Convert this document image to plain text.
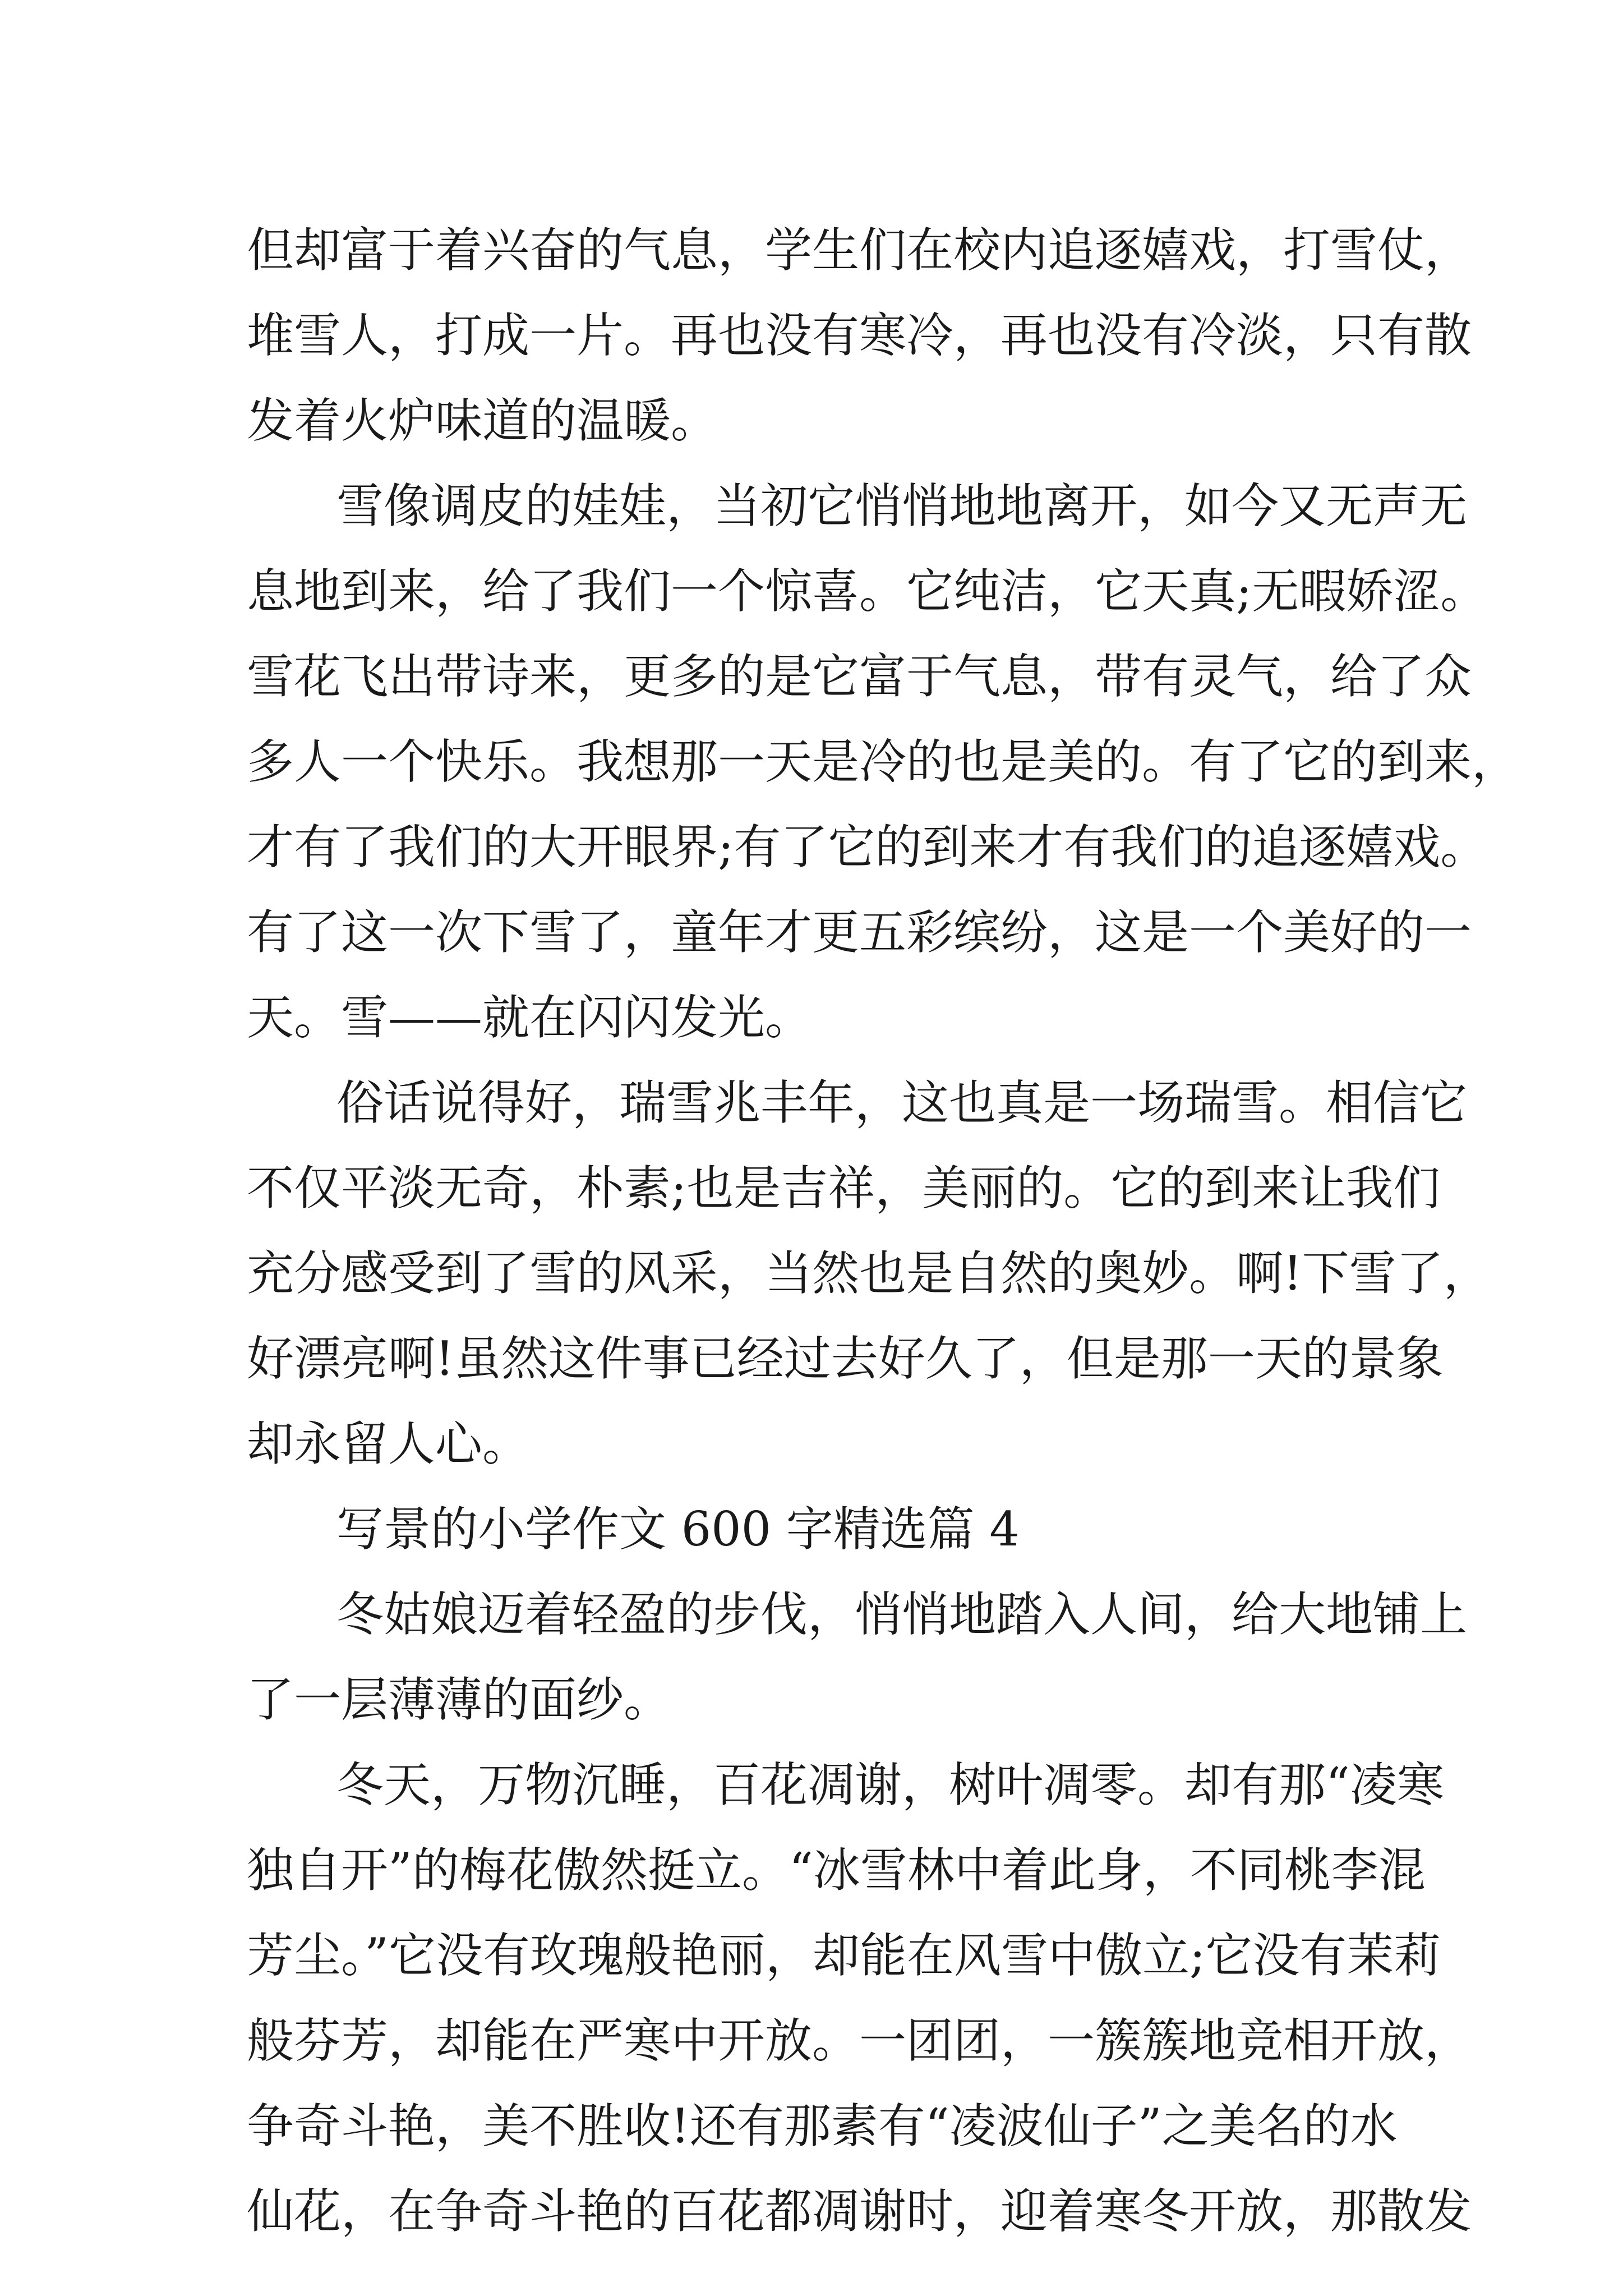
但却富于着兴奋的气息，学生们在校内追逐嬉戏，打雪仗，
堆雪人，打成一片。再也没有寒冷，再也没有冷淡，只有散
发着火炉味道的温暖。
雪像调皮的娃娃，当初它悄悄地地离开，如今又无声无
息地到来，给了我们一个惊喜。它纯洁，它天真;无暇娇涩。
雪花飞出带诗来，更多的是它富于气息，带有灵气，给了众
多人一个快乐。我想那一天是冷的也是美的。有了它的到来，
才有了我们的大开眼界;有了它的到来才有我们的追逐嬉戏。
有了这一次下雪了，童年才更五彩缤纷，这是一个美好的一
天。雪——就在闪闪发光。
俗话说得好，瑞雪兆丰年，这也真是一场瑞雪。相信它
不仅平淡无奇，朴素;也是吉祥，美丽的。它的到来让我们
充分感受到了雪的风采，当然也是自然的奥妙。啊!下雪了，
好漂亮啊!虽然这件事已经过去好久了，但是那一天的景象
却永留人心。
写景的小学作文 600 字精选篇 4
冬姑娘迈着轻盈的步伐，悄悄地踏入人间，给大地铺上
了一层薄薄的面纱。
冬天，万物沉睡，百花凋谢，树叶凋零。却有那“凌寒
独自开”的梅花傲然挺立。“冰雪林中着此身，不同桃李混
芳尘。”它没有玫瑰般艳丽，却能在风雪中傲立;它没有茉莉
般芬芳，却能在严寒中开放。一团团，一簇簇地竞相开放，
争奇斗艳，美不胜收!还有那素有“凌波仙子”之美名的水
仙花，在争奇斗艳的百花都凋谢时，迎着寒冬开放，那散发
